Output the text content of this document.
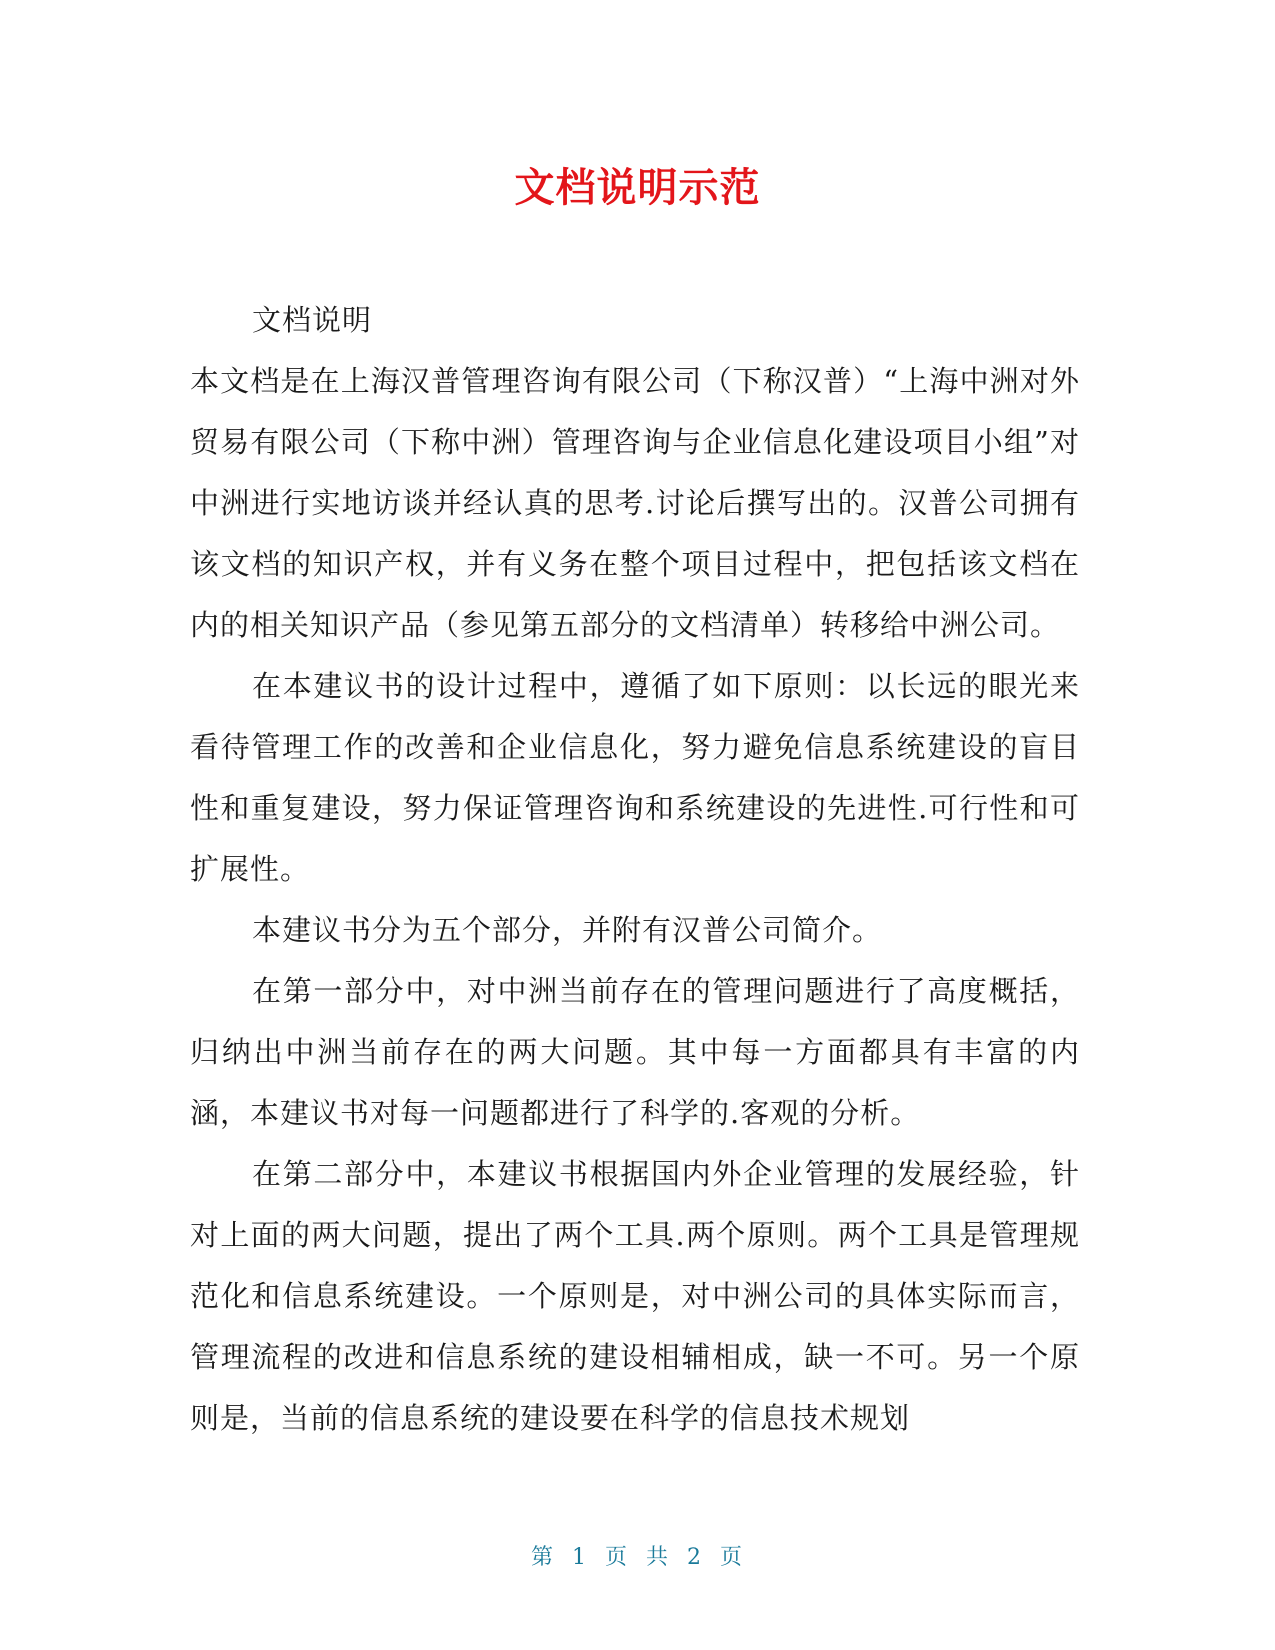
文档说明示范

文档说明

本文档是在上海汉普管理咨询有限公司（下称汉普）“上海中洲对外贸易有限公司（下称中洲）管理咨询与企业信息化建设项目小组”对中洲进行实地访谈并经认真的思考.讨论后撰写出的。汉普公司拥有该文档的知识产权，并有义务在整个项目过程中，把包括该文档在内的相关知识产品（参见第五部分的文档清单）转移给中洲公司。

在本建议书的设计过程中，遵循了如下原则：以长远的眼光来看待管理工作的改善和企业信息化，努力避免信息系统建设的盲目性和重复建设，努力保证管理咨询和系统建设的先进性.可行性和可扩展性。

本建议书分为五个部分，并附有汉普公司简介。

在第一部分中，对中洲当前存在的管理问题进行了高度概括，归纳出中洲当前存在的两大问题。其中每一方面都具有丰富的内涵，本建议书对每一问题都进行了科学的.客观的分析。

在第二部分中，本建议书根据国内外企业管理的发展经验，针对上面的两大问题，提出了两个工具.两个原则。两个工具是管理规范化和信息系统建设。一个原则是，对中洲公司的具体实际而言，管理流程的改进和信息系统的建设相辅相成，缺一不可。另一个原则是，当前的信息系统的建设要在科学的信息技术规划

第 1 页 共 2 页
